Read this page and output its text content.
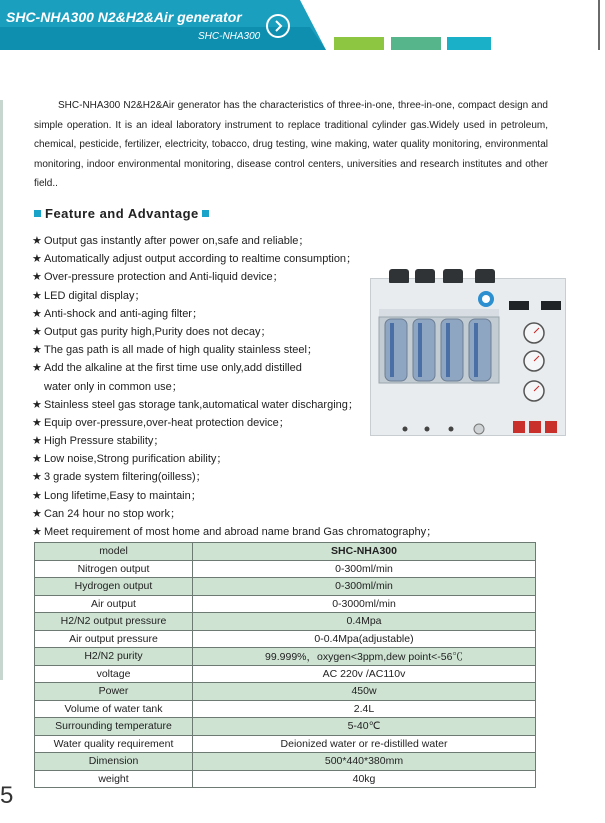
SHC-NHA300 N2&H2&Air generator
SHC-NHA300
5
SHC-NHA300 N2&H2&Air generator has the characteristics of three-in-one, three-in-one, compact design and simple operation. It is an ideal laboratory instrument to replace traditional cylinder gas.Widely used in petroleum, chemical, pesticide, fertilizer, electricity, tobacco, drug testing, wine making, water quality monitoring, environmental monitoring, indoor environmental monitoring, disease control centers, universities and research institutes and other field..
Feature and Advantage
★ Output gas instantly after power on,safe and reliable；
★ Automatically adjust output according to realtime consumption；
★ Over-pressure protection and Anti-liquid device；
★ LED digital display；
★ Anti-shock and anti-aging filter；
★ Output gas purity high,Purity does not decay；
★ The gas path is all made of high quality stainless steel；
★ Add the alkaline at the first time use only,add distilled
water only in common use；
★ Stainless steel gas storage tank,automatical water discharging；
★ Equip over-pressure,over-heat protection device；
★ High Pressure stability；
★ Low noise,Strong purification ability；
★ 3 grade system filtering(oilless)；
★ Long lifetime,Easy to maintain；
★ Can 24 hour no stop work；
★ Meet requirement of most home and abroad name brand Gas chromatography；
model	SHC-NHA300
Nitrogen output	0-300ml/min
Hydrogen output	0-300ml/min
Air output	0-3000ml/min
H2/N2 output pressure	0.4Mpa
Air output pressure	0-0.4Mpa(adjustable)
H2/N2 purity	99.999%，oxygen<3ppm,dew point<-56℃
voltage	AC 220v /AC110v
Power	450w
Volume of water tank	2.4L
Surrounding temperature	5-40℃
Water quality requirement	Deionized water or re-distilled water
Dimension	500*440*380mm
weight	40kg
